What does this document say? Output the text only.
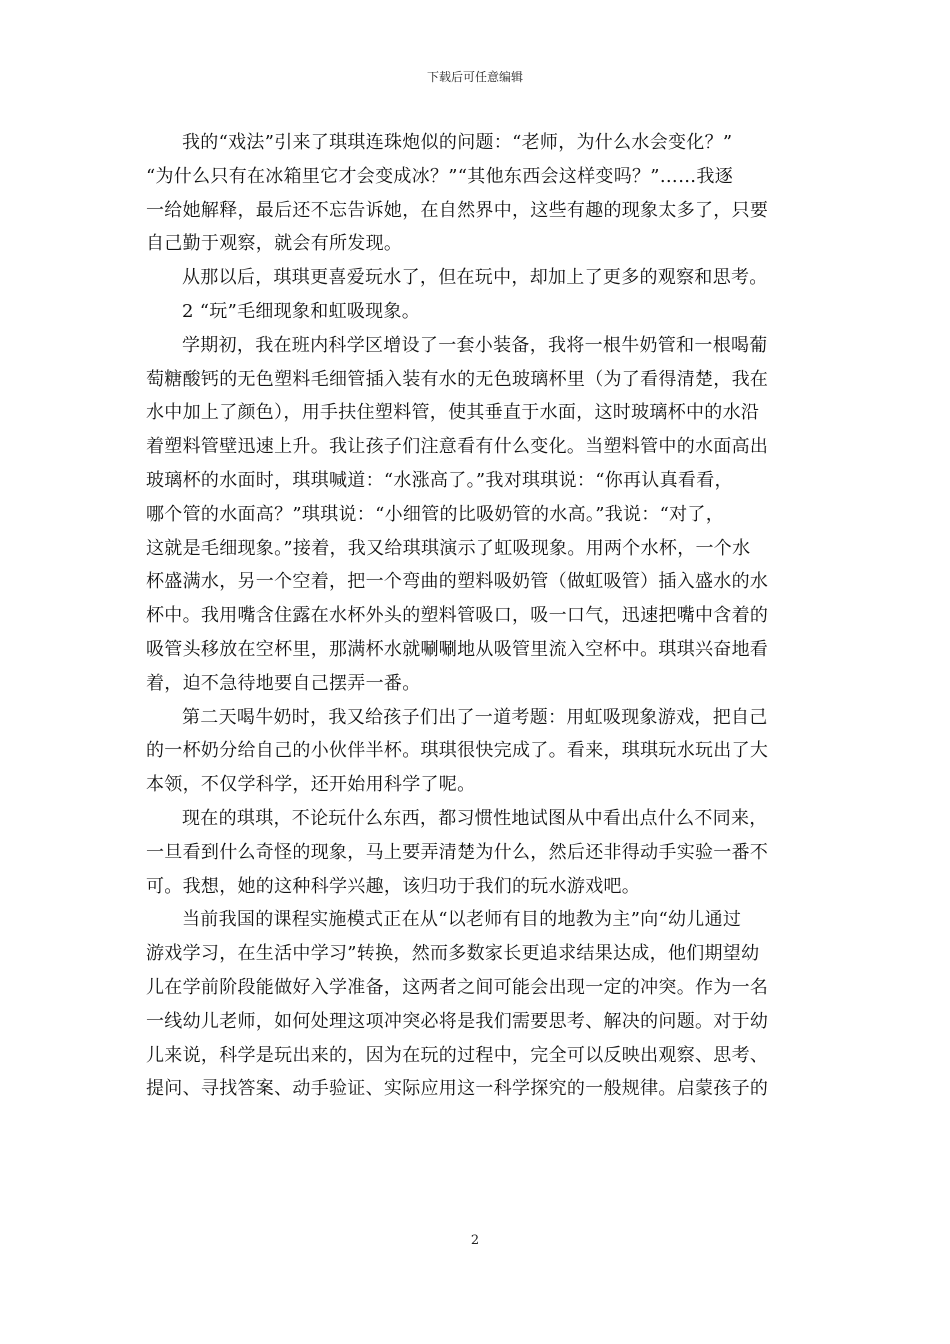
下载后可任意编辑

我的“戏法”引来了琪琪连珠炮似的问题：“老师，为什么水会变化？”
“为什么只有在冰箱里它才会变成冰？”“其他东西会这样变吗？”……我逐
一给她解释，最后还不忘告诉她，在自然界中，这些有趣的现象太多了，只要
自己勤于观察，就会有所发现。

从那以后，琪琪更喜爱玩水了，但在玩中，却加上了更多的观察和思考。

2 “玩”毛细现象和虹吸现象。

学期初，我在班内科学区增设了一套小装备，我将一根牛奶管和一根喝葡
萄糖酸钙的无色塑料毛细管插入装有水的无色玻璃杯里（为了看得清楚，我在
水中加上了颜色），用手扶住塑料管，使其垂直于水面，这时玻璃杯中的水沿
着塑料管壁迅速上升。我让孩子们注意看有什么变化。当塑料管中的水面高出
玻璃杯的水面时，琪琪喊道：“水涨高了。”我对琪琪说：“你再认真看看，
哪个管的水面高？”琪琪说：“小细管的比吸奶管的水高。”我说：“对了，
这就是毛细现象。”接着，我又给琪琪演示了虹吸现象。用两个水杯，一个水
杯盛满水，另一个空着，把一个弯曲的塑料吸奶管（做虹吸管）插入盛水的水
杯中。我用嘴含住露在水杯外头的塑料管吸口，吸一口气，迅速把嘴中含着的
吸管头移放在空杯里，那满杯水就唰唰地从吸管里流入空杯中。琪琪兴奋地看
着，迫不急待地要自己摆弄一番。

第二天喝牛奶时，我又给孩子们出了一道考题：用虹吸现象游戏，把自己
的一杯奶分给自己的小伙伴半杯。琪琪很快完成了。看来，琪琪玩水玩出了大
本领，不仅学科学，还开始用科学了呢。

现在的琪琪，不论玩什么东西，都习惯性地试图从中看出点什么不同来，
一旦看到什么奇怪的现象，马上要弄清楚为什么，然后还非得动手实验一番不
可。我想，她的这种科学兴趣，该归功于我们的玩水游戏吧。

当前我国的课程实施模式正在从“以老师有目的地教为主”向“幼儿通过
游戏学习，在生活中学习”转换，然而多数家长更追求结果达成，他们期望幼
儿在学前阶段能做好入学准备，这两者之间可能会出现一定的冲突。作为一名
一线幼儿老师，如何处理这项冲突必将是我们需要思考、解决的问题。对于幼
儿来说，科学是玩出来的，因为在玩的过程中，完全可以反映出观察、思考、
提问、寻找答案、动手验证、实际应用这一科学探究的一般规律。启蒙孩子的

2
